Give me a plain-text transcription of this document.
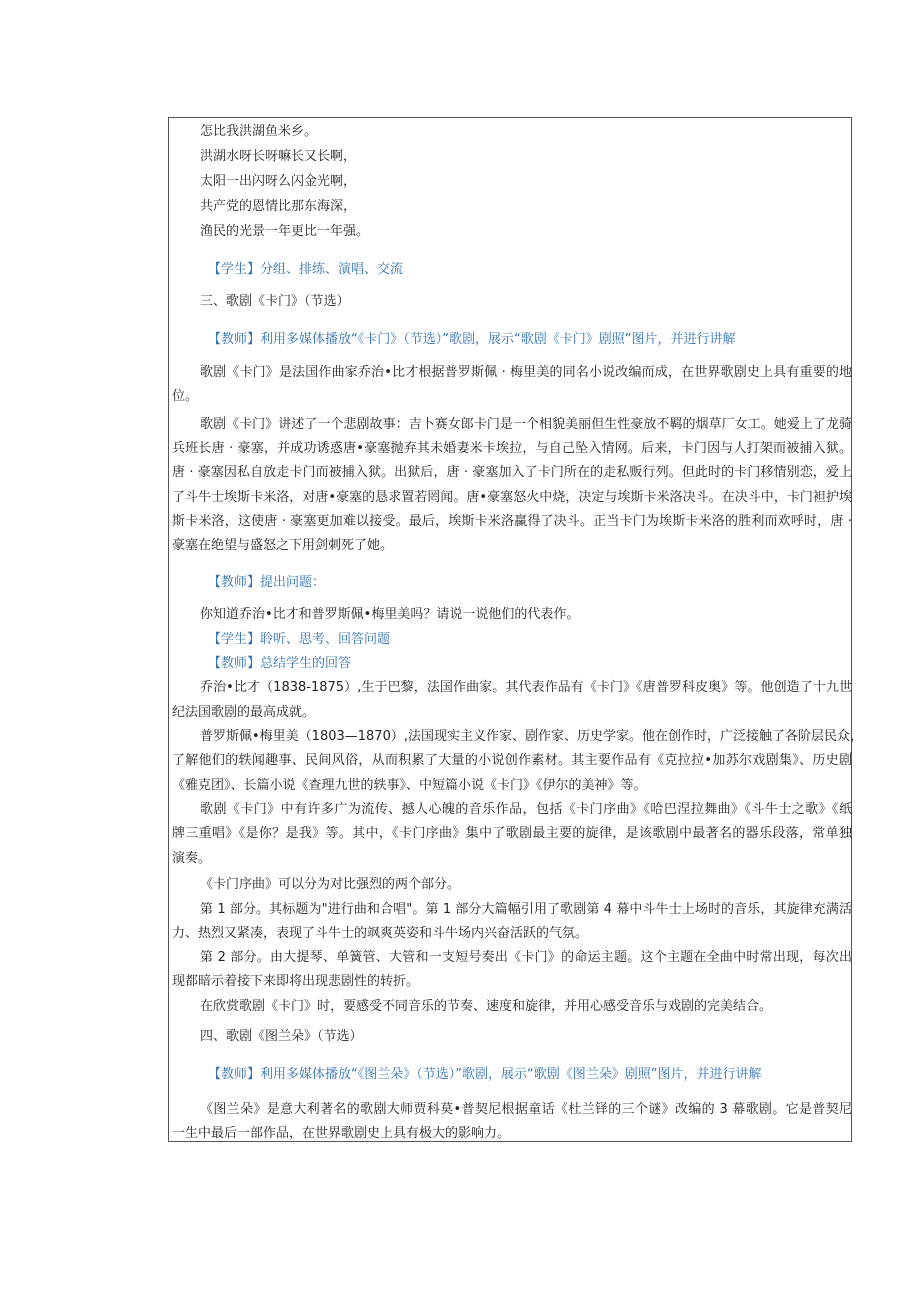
怎比我洪湖鱼米乡。
洪湖水呀长呀嘛长又长啊，
太阳一出闪呀么闪金光啊，
共产党的恩情比那东海深，
渔民的光景一年更比一年强。
【学生】分组、排练、演唱、交流
三、歌剧《卡门》（节选）
【教师】利用多媒体播放“《卡门》（节选）”歌剧，展示“歌剧《卡门》剧照”图片，并进行讲解
歌剧《卡门》是法国作曲家乔治•比才根据普罗斯佩 · 梅里美的同名小说改编而成，在世界歌剧史上具有重要的地
位。
歌剧《卡门》讲述了一个悲剧故事：吉卜赛女郎卡门是一个相貌美丽但生性豪放不羁的烟草厂女工。她爱上了龙骑
兵班长唐 · 豪塞，并成功诱惑唐•豪塞抛弃其未婚妻米卡埃拉，与自己坠入情网。后来，卡门因与人打架而被捕入狱。
唐 · 豪塞因私自放走卡门而被捕入狱。出狱后，唐 · 豪塞加入了卡门所在的走私贩行列。但此时的卡门移情别恋，爱上
了斗牛士埃斯卡米洛，对唐•豪塞的恳求置若罔闻。唐•豪塞怒火中烧，决定与埃斯卡米洛决斗。在决斗中，卡门袒护埃
斯卡米洛，这使唐 · 豪塞更加难以接受。最后，埃斯卡米洛赢得了决斗。正当卡门为埃斯卡米洛的胜利而欢呼时，唐 ·
豪塞在绝望与盛怒之下用剑刺死了她。
【教师】提出问题：
你知道乔治•比才和普罗斯佩•梅里美吗？请说一说他们的代表作。
【学生】聆听、思考、回答问题
【教师】总结学生的回答
乔治•比才（1838-1875）,生于巴黎，法国作曲家。其代表作品有《卡门》《唐普罗科皮奥》等。他创造了十九世
纪法国歌剧的最高成就。
普罗斯佩•梅里美（1803—1870）,法国现实主义作家、剧作家、历史学家。他在创作时，广泛接触了各阶层民众，
了解他们的轶闻趣事、民间风俗，从而积累了大量的小说创作素材。其主要作品有《克拉拉•加苏尔戏剧集》、历史剧
《雅克团》、长篇小说《查理九世的轶事》、中短篇小说《卡门》《伊尔的美神》等。
歌剧《卡门》中有许多广为流传、撼人心魄的音乐作品，包括《卡门序曲》《哈巴涅拉舞曲》《斗牛士之歌》《纸
牌三重唱》《是你？是我》等。其中，《卡门序曲》集中了歌剧最主要的旋律，是该歌剧中最著名的器乐段落，常单独
演奏。
《卡门序曲》可以分为对比强烈的两个部分。
第 1 部分。其标题为"进行曲和合唱"。第 1 部分大篇幅引用了歌剧第 4 幕中斗牛士上场时的音乐，其旋律充满活
力、热烈又紧凑，表现了斗牛士的飒爽英姿和斗牛场内兴奋活跃的气氛。
第 2 部分。由大提琴、单簧管、大管和一支短号奏出《卡门》的命运主题。这个主题在全曲中时常出现，每次出
现都暗示着接下来即将出现悲剧性的转折。
在欣赏歌剧《卡门》时，要感受不同音乐的节奏、速度和旋律，并用心感受音乐与戏剧的完美结合。
四、歌剧《图兰朵》（节选）
【教师】利用多媒体播放“《图兰朵》（节选）”歌剧，展示“歌剧《图兰朵》剧照”图片，并进行讲解
《图兰朵》是意大利著名的歌剧大师贾科莫•普契尼根据童话《杜兰铎的三个谜》改编的 3 幕歌剧。它是普契尼
一生中最后一部作品，在世界歌剧史上具有极大的影响力。
